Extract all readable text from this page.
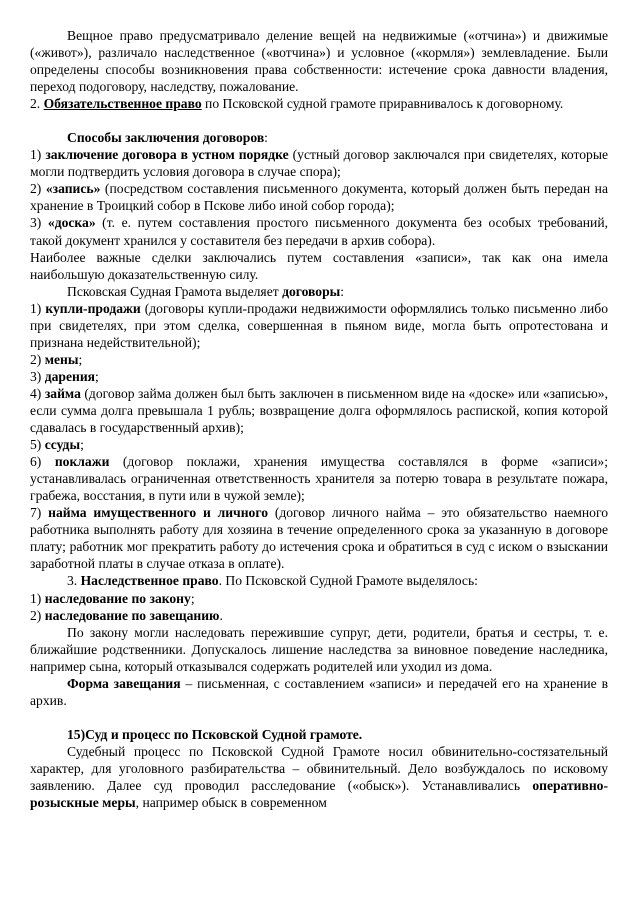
Вещное право предусматривало деление вещей на недвижимые («отчина») и движимые («живот»), различало наследственное («вотчина») и условное («кормля») землевладение. Были определены способы возникновения права собственности: истечение срока давности владения, переход подоговору, наследству, пожалование.

2. Обязательственное право по Псковской судной грамоте приравнивалось к договорному.

Способы заключения договоров:

1) заключение договора в устном порядке (устный договор заключался при свидетелях, которые могли подтвердить условия договора в случае спора);

2) «запись» (посредством составления письменного документа, который должен быть передан на хранение в Троицкий собор в Пскове либо иной собор города);

3) «доска» (т. е. путем составления простого письменного документа без особых требований, такой документ хранился у составителя без передачи в архив собора).

Наиболее важные сделки заключались путем составления «записи», так как она имела наибольшую доказательственную силу.

Псковская Судная Грамота выделяет договоры:

1) купли-продажи (договоры купли-продажи недвижимости оформлялись только письменно либо при свидетелях, при этом сделка, совершенная в пьяном виде, могла быть опротестована и признана недействительной);

2) мены;

3) дарения;

4) займа (договор займа должен был быть заключен в письменном виде на «доске» или «записью», если сумма долга превышала 1 рубль; возвращение долга оформлялось распиской, копия которой сдавалась в государственный архив);

5) ссуды;

6) поклажи (договор поклажи, хранения имущества составлялся в форме «записи»; устанавливалась ограниченная ответственность хранителя за потерю товара в результате пожара, грабежа, восстания, в пути или в чужой земле);

7) найма имущественного и личного (договор личного найма – это обязательство наемного работника выполнять работу для хозяина в течение определенного срока за указанную в договоре плату; работник мог прекратить работу до истечения срока и обратиться в суд с иском о взыскании заработной платы в случае отказа в оплате).

3. Наследственное право. По Псковской Судной Грамоте выделялось:

1) наследование по закону;

2) наследование по завещанию.

По закону могли наследовать пережившие супруг, дети, родители, братья и сестры, т. е. ближайшие родственники. Допускалось лишение наследства за виновное поведение наследника, например сына, который отказывался содержать родителей или уходил из дома.

Форма завещания – письменная, с составлением «записи» и передачей его на хранение в архив.

15)Суд и процесс по Псковской Судной грамоте.

Судебный процесс по Псковской Судной Грамоте носил обвинительно-состязательный характер, для уголовного разбирательства – обвинительный. Дело возбуждалось по исковому заявлению. Далее суд проводил расследование («обыск»). Устанавливались оперативно-розыскные меры, например обыск в современном
